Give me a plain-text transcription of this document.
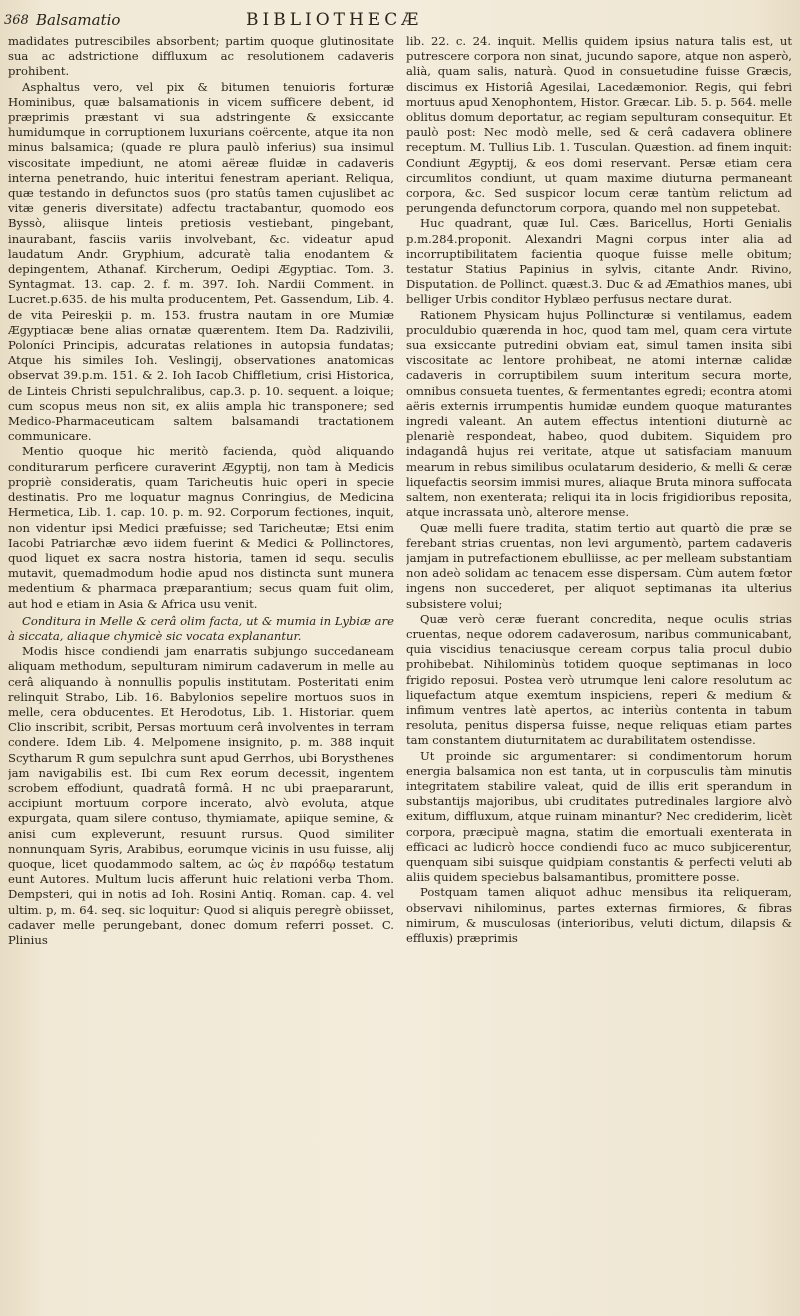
368 Balsamatio	BIBLIOTHECÆ

madidates putrescibiles absorbent; partim quoque glutinositate sua ac adstrictione diffluxum ac resolutionem cadaveris prohibent.

Asphaltus vero, vel pix & bitumen tenuioris forturæ Hominibus, quæ balsamationis in vicem sufficere debent, id præprimis præstant vi sua adstringente & exsiccante humidumque in corruptionem luxurians coërcente, atque ita non minus balsamica; (quade re plura paulò inferius) sua insimul viscositate impediunt, ne atomi aëreæ fluidæ in cadaveris interna penetrando, huic interitui fenestram aperiant. Reliqua, quæ testando in defunctos suos (pro statûs tamen cujuslibet ac vitæ generis diversitate) adfectu tractabantur, quomodo eos Byssò, aliisque linteis pretiosis vestiebant, pingebant, inaurabant, fasciis variis involvebant, &c. videatur apud laudatum Andr. Gryphium, adcuratè talia enodantem & depingentem, Athanaf. Kircherum, Oedipi Ægyptiac. Tom. 3. Syntagmat. 13. cap. 2. f. m. 397. Ioh. Nardii Comment. in Lucret.p.635. de his multa producentem, Pet. Gassendum, Lib. 4. de vita Peiresķii p. m. 153. frustra nautam in ore Mumiæ Ægyptiacæ bene alias ornatæ quærentem. Item Da. Radzivilii, Poloníci Principis, adcuratas relationes in autopsia fundatas; Atque his similes Ioh. Veslingij, observationes anatomicas observat 39.p.m. 151. & 2. Ioh Iacob Chiffletium, crisi Historica, de Linteis Christi sepulchralibus, cap.3. p. 10. sequent. a loique; cum scopus meus non sit, ex aliis ampla hic transponere; sed Medico-Pharmaceuticam saltem balsamandi tractationem communicare.

Mentio quoque hic meritò facienda, quòd aliquando conditurarum perficere curaverint Ægyptij, non tam à Medicis propriè consideratis, quam Taricheutis huic operi in specie destinatis. Pro me loquatur magnus Conringius, de Medicina Hermetica, Lib. 1. cap. 10. p. m. 92. Corporum fectiones, inquit, non videntur ipsi Medici præfuisse; sed Taricheutæ; Etsi enim Iacobi Patriarchæ ævo iidem fuerint & Medici & Pollinctores, quod liquet ex sacra nostra historia, tamen id sequ. seculis mutavit, quemadmodum hodie apud nos distincta sunt munera medentium & pharmaca præparantium; secus quam fuit olim, aut hod e etiam in Asia & Africa usu venit.

Conditura in Melle & cerâ olim facta, ut & mumia in Lybiæ are à siccata, aliaque chymicè sic vocata explanantur.

Modis hisce condiendi jam enarratis subjungo succedaneam aliquam methodum, sepulturam nimirum cadaverum in melle au cerâ aliquando à nonnullis populis institutam. Posteritati enim relinquit Strabo, Lib. 16. Babylonios sepelire mortuos suos in melle, cera obducentes. Et Herodotus, Lib. 1. Historiar. quem Clio inscribit, scribit, Persas mortuum cerâ involventes in terram condere. Idem Lib. 4. Melpomene insignito, p. m. 388 inquit Scytharum R gum sepulchra sunt apud Gerrhos, ubi Borysthenes jam navigabilis est. Ibi cum Rex eorum decessit, ingentem scrobem effodiunt, quadratâ formâ. H nc ubi praepararunt, accipiunt mortuum corpore incerato, alvò evoluta, atque expurgata, quam silere contuso, thymiamate, apiique semine, & anisi cum expleverunt, resuunt rursus. Quod similiter nonnunquam Syris, Arabibus, eorumque vicinis in usu fuisse, alij quoque, licet quodammodo saltem, ac ὡς ἐν παρόδῳ testatum eunt Autores. Multum lucis afferunt huic relationi verba Thom. Dempsteri, qui in notis ad Ioh. Rosini Antiq. Roman. cap. 4. vel ultim. p, m. 64. seq. sic loquitur: Quod si aliquis peregrè obiisset, cadaver melle perungebant, donec domum referri posset. C. Plinius

lib. 22. c. 24. inquit. Mellis quidem ipsius natura talis est, ut putrescere corpora non sinat, jucundo sapore, atque non asperò, alià, quam salis, naturà. Quod in consuetudine fuisse Græcis, discimus ex Historiâ Agesilai, Lacedæmonior. Regis, qui febri mortuus apud Xenophontem, Histor. Græcar. Lib. 5. p. 564. melle oblitus domum deportatur, ac regiam sepulturam consequitur. Et paulò post: Nec modò melle, sed & cerâ cadavera oblinere receptum. M. Tullius Lib. 1. Tusculan. Quæstion. ad finem inquit: Condiunt Ægyptij, & eos domi reservant. Persæ etiam cera circumlitos condiunt, ut quam maxime diuturna permaneant corpora, &c. Sed suspicor locum ceræ tantùm relictum ad perungenda defunctorum corpora, quando mel non suppetebat.

Huc quadrant, quæ Iul. Cæs. Baricellus, Horti Genialis p.m.284.proponit. Alexandri Magni corpus inter alia ad incorruptibilitatem facientia quoque fuisse melle obitum; testatur Statius Papinius in sylvis, citante Andr. Rivino, Disputation. de Pollinct. quæst.3. Duc & ad Æmathios manes, ubi belliger Urbis conditor Hyblæo perfusus nectare durat.

Rationem Physicam hujus Pollincturæ si ventilamus, eadem proculdubio quærenda in hoc, quod tam mel, quam cera virtute sua exsiccante putredini obviam eat, simul tamen insita sibi viscositate ac lentore prohibeat, ne atomi internæ calidæ cadaveris in corruptibilem suum interitum secura morte, omnibus consueta tuentes, & fermentantes egredi; econtra atomi aëris externis irrumpentis humidæ eundem quoque maturantes ingredi valeant. An autem effectus intentioni diuturnè ac plenariè respondeat, habeo, quod dubitem. Siquidem pro indagandâ hujus rei veritate, atque ut satisfaciam manuum mearum in rebus similibus oculatarum desiderio, & melli & ceræ liquefactis seorsim immisi mures, aliaque Bruta minora suffocata saltem, non exenterata; reliqui ita in locis frigidioribus reposita, atque incrassata unò, alterore mense.

Quæ melli fuere tradita, statim tertio aut quartò die præ se ferebant strias cruentas, non levi argumentò, partem cadaveris jamjam in putrefactionem ebulliisse, ac per melleam substantiam non adeò solidam ac tenacem esse dispersam. Cùm autem fœtor ingens non succederet, per aliquot septimanas ita ulterius subsistere volui;

Quæ verò ceræ fuerant concredita, neque oculis strias cruentas, neque odorem cadaverosum, naribus communicabant, quia viscidius tenaciusque ceream corpus talia procul dubio prohibebat. Nihilominùs totidem quoque septimanas in loco frigido reposui. Postea verò utrumque leni calore resolutum ac liquefactum atque exemtum inspiciens, reperi & medium & infimum ventres latè apertos, ac interiùs contenta in tabum resoluta, penitus dispersa fuisse, neque reliquas etiam partes tam constantem diuturnitatem ac durabilitatem ostendisse.

Ut proinde sic argumentarer: si condimentorum horum energia balsamica non est tanta, ut in corpusculis tàm minutis integritatem stabilire valeat, quid de illis erit sperandum in substantijs majoribus, ubi cruditates putredinales largiore alvò exitum, diffluxum, atque ruinam minantur? Nec crediderim, licèt corpora, præcipuè magna, statim die emortuali exenterata in efficaci ac ludicrò hocce condiendi fuco ac muco subjicerentur, quenquam sibi suisque quidpiam constantis & perfecti veluti ab aliis quidem speciebus balsamantibus, promittere posse.

Postquam tamen aliquot adhuc mensibus ita reliqueram, observavi nihilominus, partes externas firmiores, & fibras nimirum, & musculosas (interioribus, veluti dictum, dilapsis & effluxis) præprimis
